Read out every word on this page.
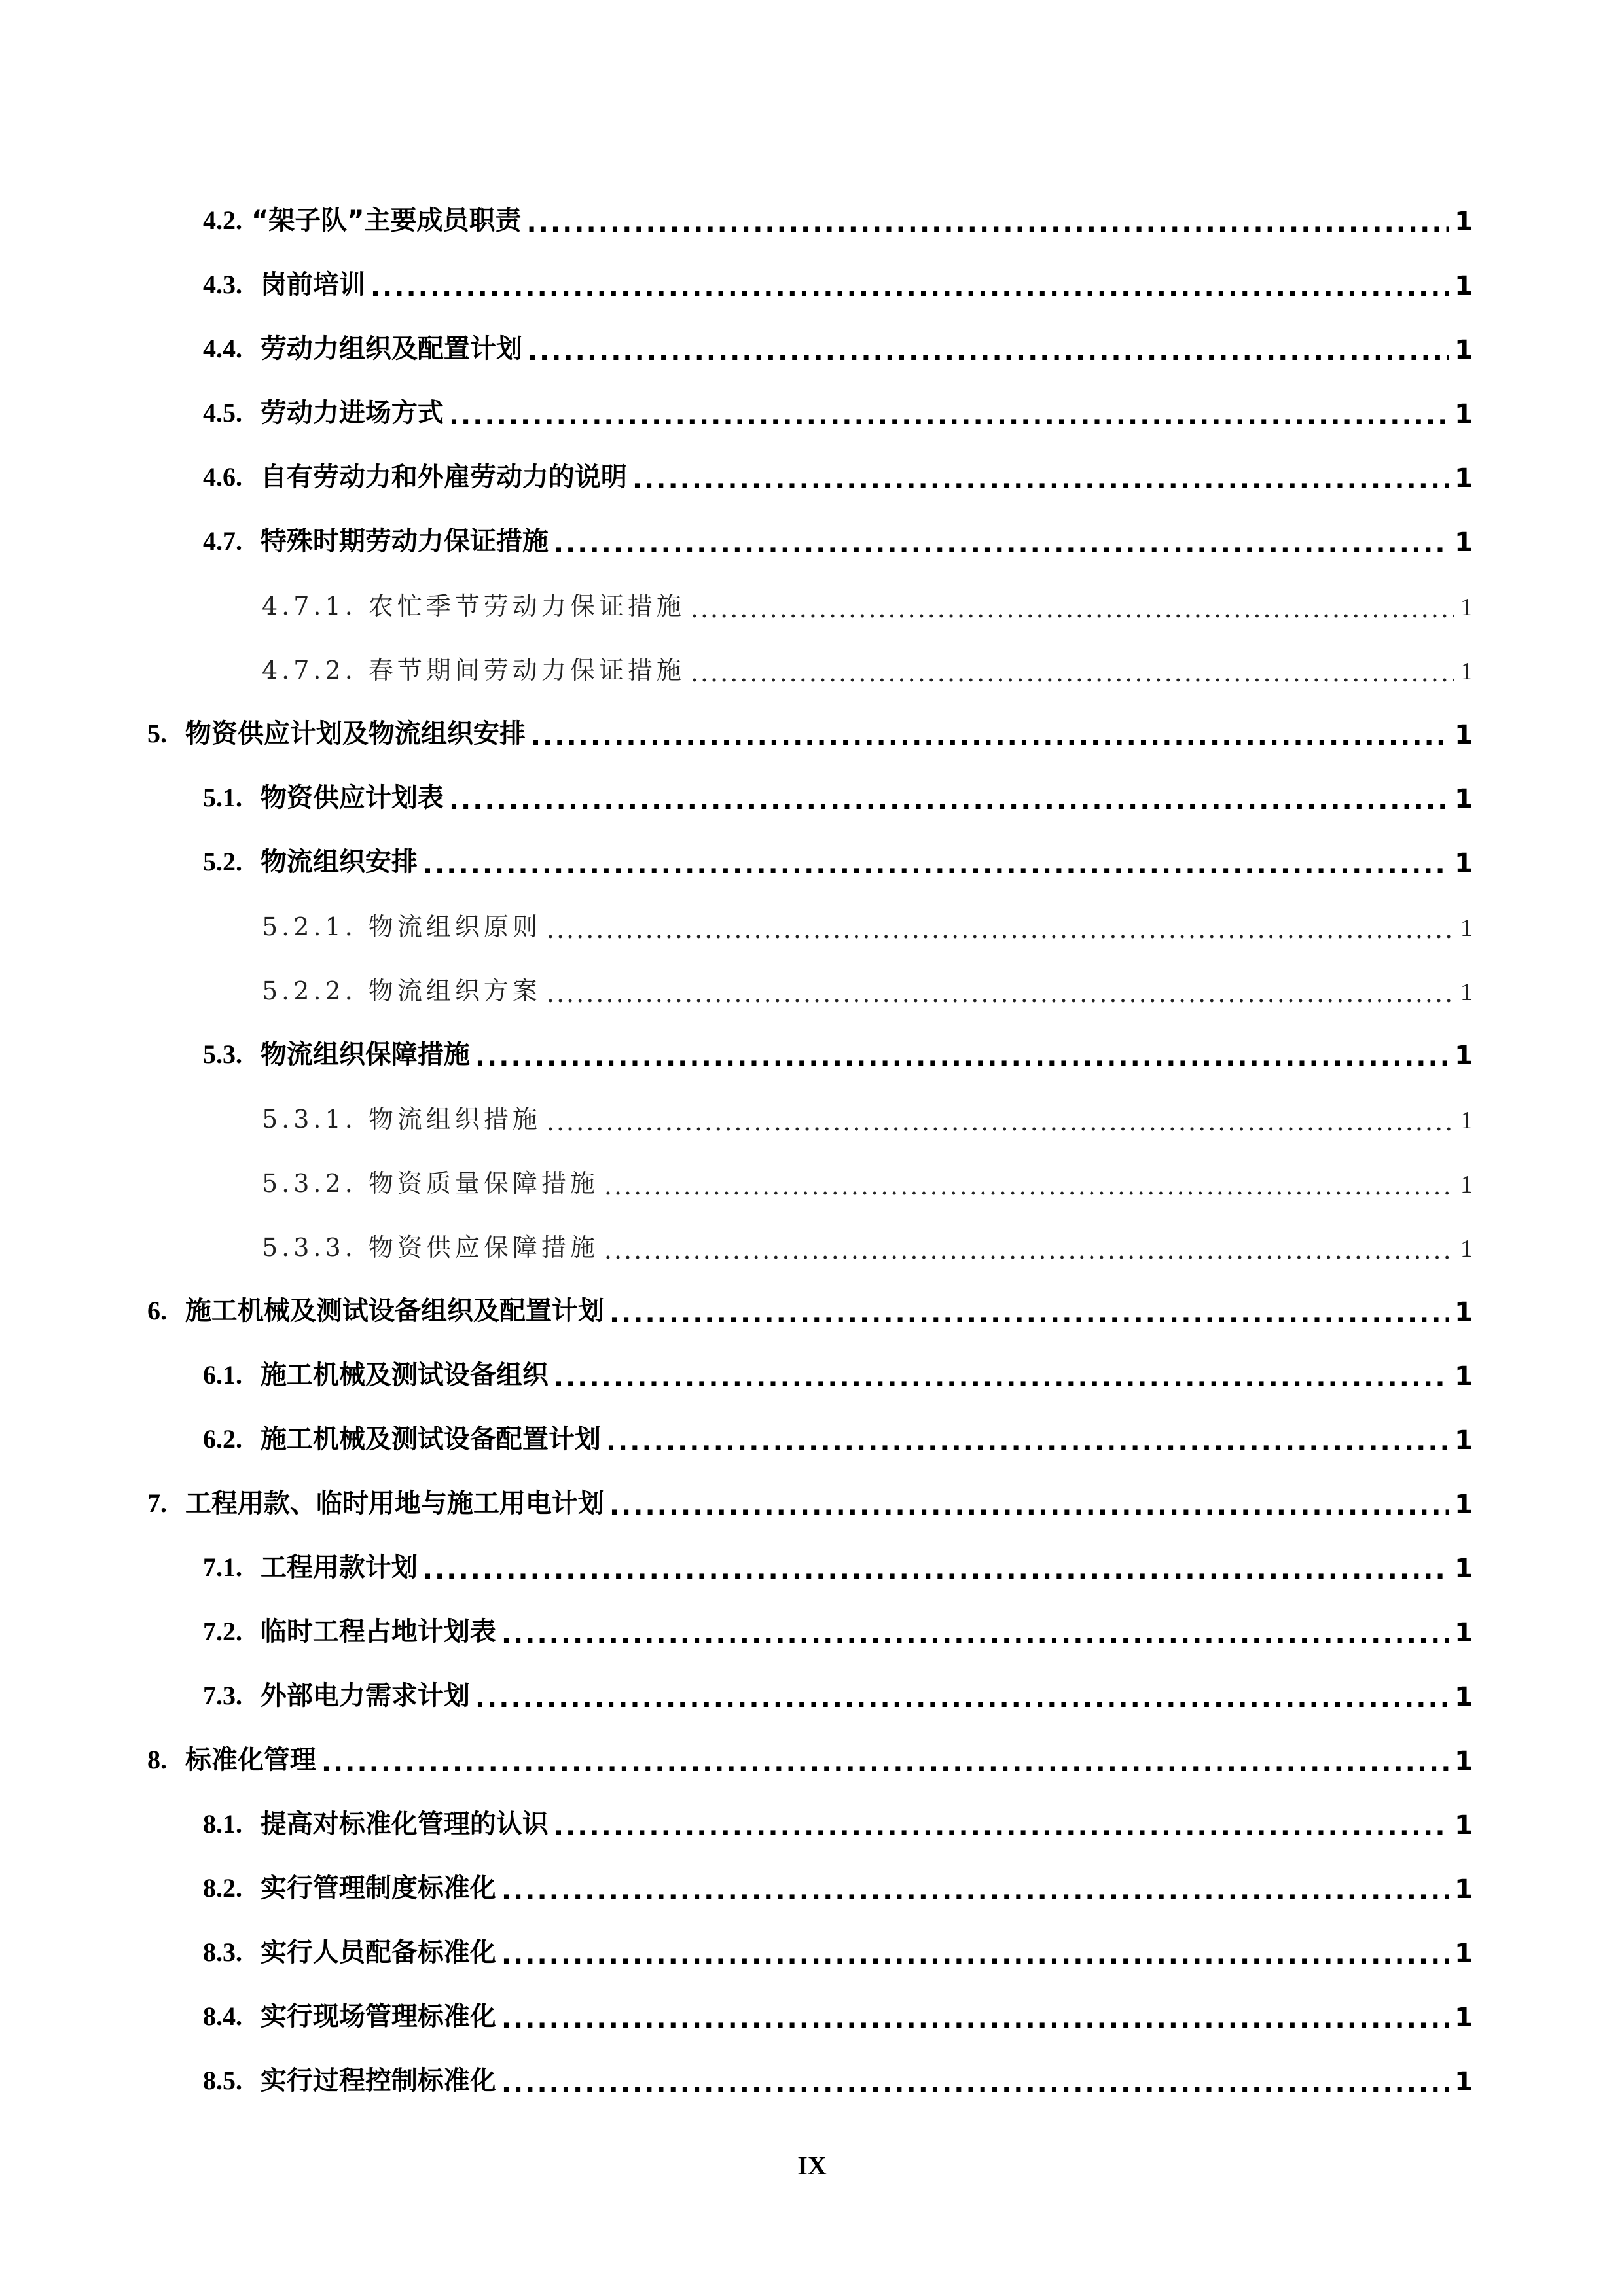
4.2. “架子队”主要成员职责 .....	1
4.3. 岗前培训 .....	1
4.4. 劳动力组织及配置计划 .....	1
4.5. 劳动力进场方式 .....	1
4.6. 自有劳动力和外雇劳动力的说明 .....	1
4.7. 特殊时期劳动力保证措施 .....	1
4.7.1. 农忙季节劳动力保证措施 .....	1
4.7.2. 春节期间劳动力保证措施 .....	1
5. 物资供应计划及物流组织安排 .....	1
5.1. 物资供应计划表 .....	1
5.2. 物流组织安排 .....	1
5.2.1. 物流组织原则 .....	1
5.2.2. 物流组织方案 .....	1
5.3. 物流组织保障措施 .....	1
5.3.1. 物流组织措施 .....	1
5.3.2. 物资质量保障措施 .....	1
5.3.3. 物资供应保障措施 .....	1
6. 施工机械及测试设备组织及配置计划 .....	1
6.1. 施工机械及测试设备组织 .....	1
6.2. 施工机械及测试设备配置计划 .....	1
7. 工程用款、临时用地与施工用电计划 .....	1
7.1. 工程用款计划 .....	1
7.2. 临时工程占地计划表 .....	1
7.3. 外部电力需求计划 .....	1
8. 标准化管理 .....	1
8.1. 提高对标准化管理的认识 .....	1
8.2. 实行管理制度标准化 .....	1
8.3. 实行人员配备标准化 .....	1
8.4. 实行现场管理标准化 .....	1
8.5. 实行过程控制标准化 .....	1
IX
